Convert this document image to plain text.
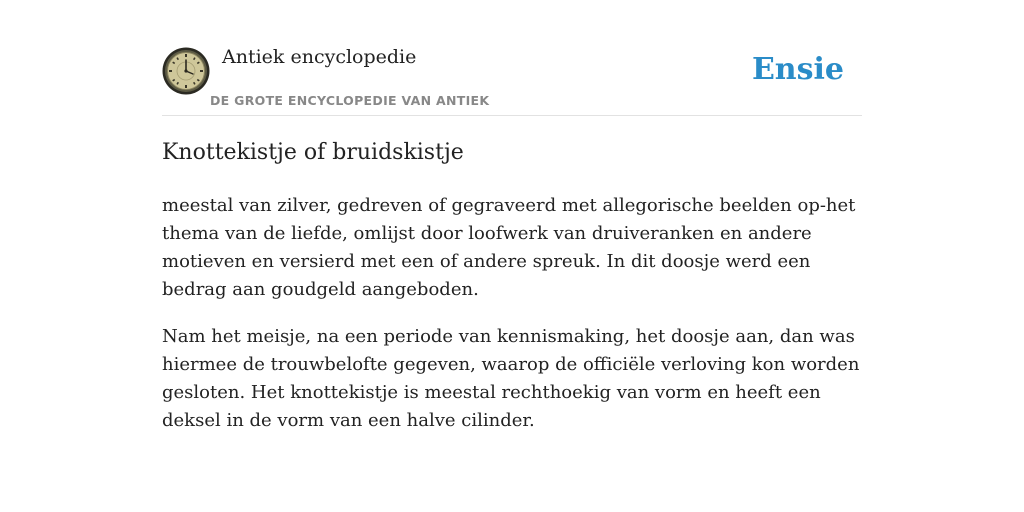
Antiek encyclopedie
DE GROTE ENCYCLOPEDIE VAN ANTIEK
Ensie
Knottekistje of bruidskistje

meestal van zilver, gedreven of gegraveerd met allegorische beelden op-het thema van de liefde, omlijst door loofwerk van druiveranken en andere motieven en versierd met een of andere spreuk. In dit doosje werd een bedrag aan goudgeld aangeboden.

Nam het meisje, na een periode van kennismaking, het doosje aan, dan was hiermee de trouwbelofte gegeven, waarop de officiële verloving kon worden gesloten. Het knottekistje is meestal rechthoekig van vorm en heeft een deksel in de vorm van een halve cilinder.
